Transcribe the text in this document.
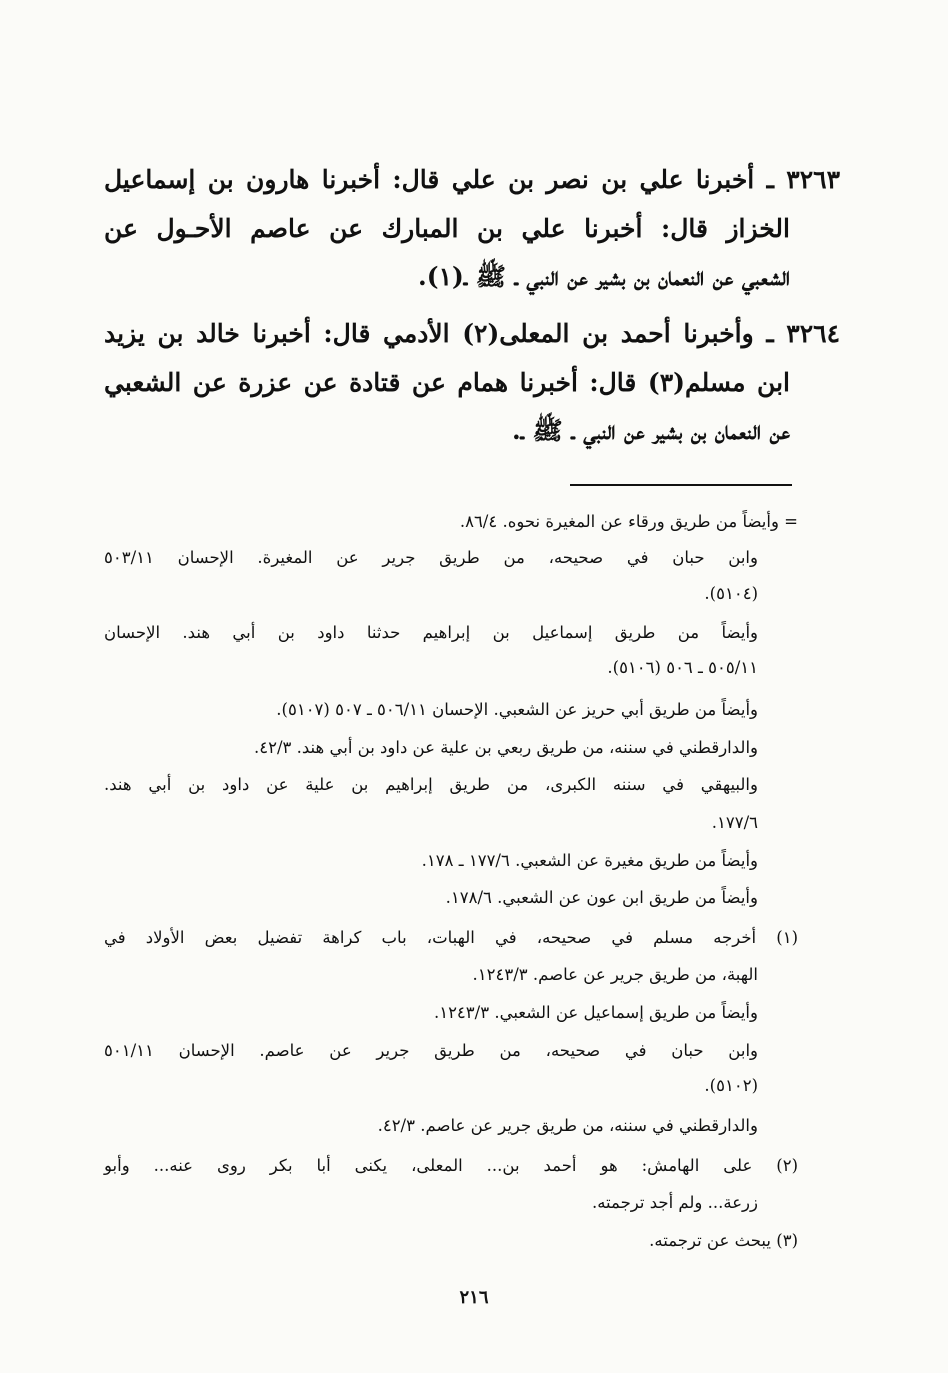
٣٢٦٣ ـ أخبرنا علي بن نصر بن علي قال: أخبرنا هارون بن إسماعيل
الخزاز قال: أخبرنا علي بن المبارك عن عاصم الأحـول عن
الشعبي عن النعمان بن بشير عن النبي ـ ﷺ ـ(١).
٣٢٦٤ ـ وأخبرنا أحمد بن المعلى(٢) الأدمي قال: أخبرنا خالد بن يزيد
ابن مسلم(٣) قال: أخبرنا همام عن قتادة عن عزرة عن الشعبي
عن النعمان بن بشير عن النبي ـ ﷺ ـ.
= وأيضاً من طريق ورقاء عن المغيرة نحوه. ٨٦/٤.
وابن حبان في صحيحه، من طريق جرير عن المغيرة. الإحسان ٥٠٣/١١
(٥١٠٤).
وأيضاً من طريق إسماعيل بن إبراهيم حدثنا داود بن أبي هند. الإحسان
٥٠٥/١١ ـ ٥٠٦ (٥١٠٦).
وأيضاً من طريق أبي حريز عن الشعبي. الإحسان ٥٠٦/١١ ـ ٥٠٧ (٥١٠٧).
والدارقطني في سننه، من طريق ربعي بن علية عن داود بن أبي هند. ٤٢/٣.
والبيهقي في سننه الكبرى، من طريق إبراهيم بن علية عن داود بن أبي هند.
١٧٧/٦.
وأيضاً من طريق مغيرة عن الشعبي. ١٧٧/٦ ـ ١٧٨.
وأيضاً من طريق ابن عون عن الشعبي. ١٧٨/٦.
(١) أخرجه مسلم في صحيحه، في الهبات، باب كراهة تفضيل بعض الأولاد في
الهبة، من طريق جرير عن عاصم. ١٢٤٣/٣.
وأيضاً من طريق إسماعيل عن الشعبي. ١٢٤٣/٣.
وابن حبان في صحيحه، من طريق جرير عن عاصم. الإحسان ٥٠١/١١
(٥١٠٢).
والدارقطني في سننه، من طريق جرير عن عاصم. ٤٢/٣.
(٢) على الهامش: هو أحمد بن... المعلى، يكنى أبا بكر روى عنه... وأبو
زرعة... ولم أجد ترجمته.
(٣) يبحث عن ترجمته.
٢١٦
